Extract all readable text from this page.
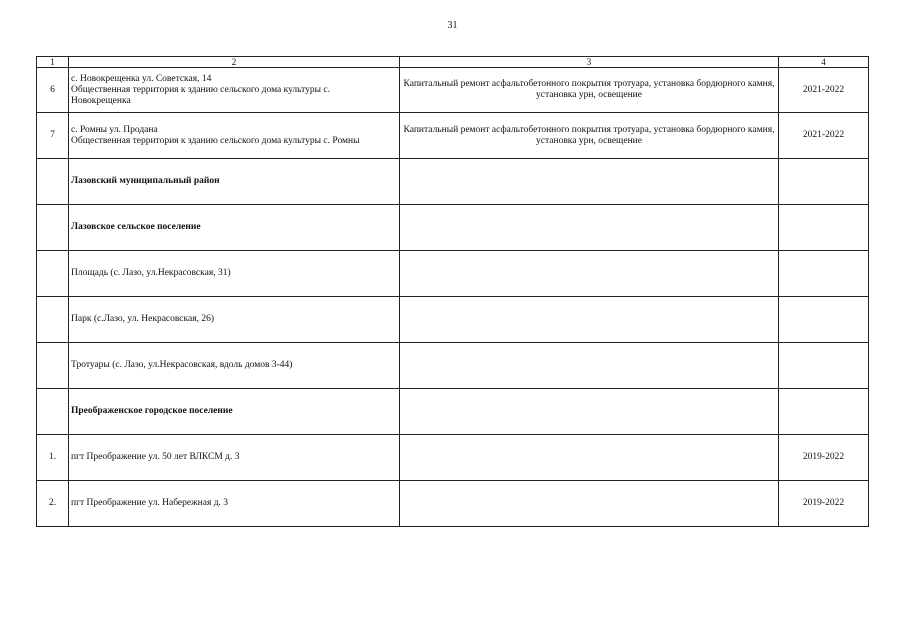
31
1	2	3	4
6	с. Новокрещенка ул. Советская, 14
Общественная территория к зданию сельского дома культуры с.
Новокрещенка	Капитальный ремонт асфальтобетонного покрытия тротуара, установка бордюрного камня, установка урн, освещение	2021-2022
7	с. Ромны ул. Продана
Общественная территория к зданию сельского дома культуры с. Ромны	Капитальный ремонт асфальтобетонного покрытия тротуара, установка бордюрного камня, установка урн, освещение	2021-2022
	Лазовский муниципальный район		
	Лазовское сельское поселение		
	Площадь (с. Лазо, ул.Некрасовская, 31)		
	Парк (с.Лазо, ул. Некрасовская, 26)		
	Тротуары (с. Лазо, ул.Некрасовская, вдоль домов 3-44)		
	Преображенское городское поселение		
1.	пгт Преображение ул. 50 лет ВЛКСМ д. 3		2019-2022
2.	пгт Преображение ул. Набережная д. 3		2019-2022
